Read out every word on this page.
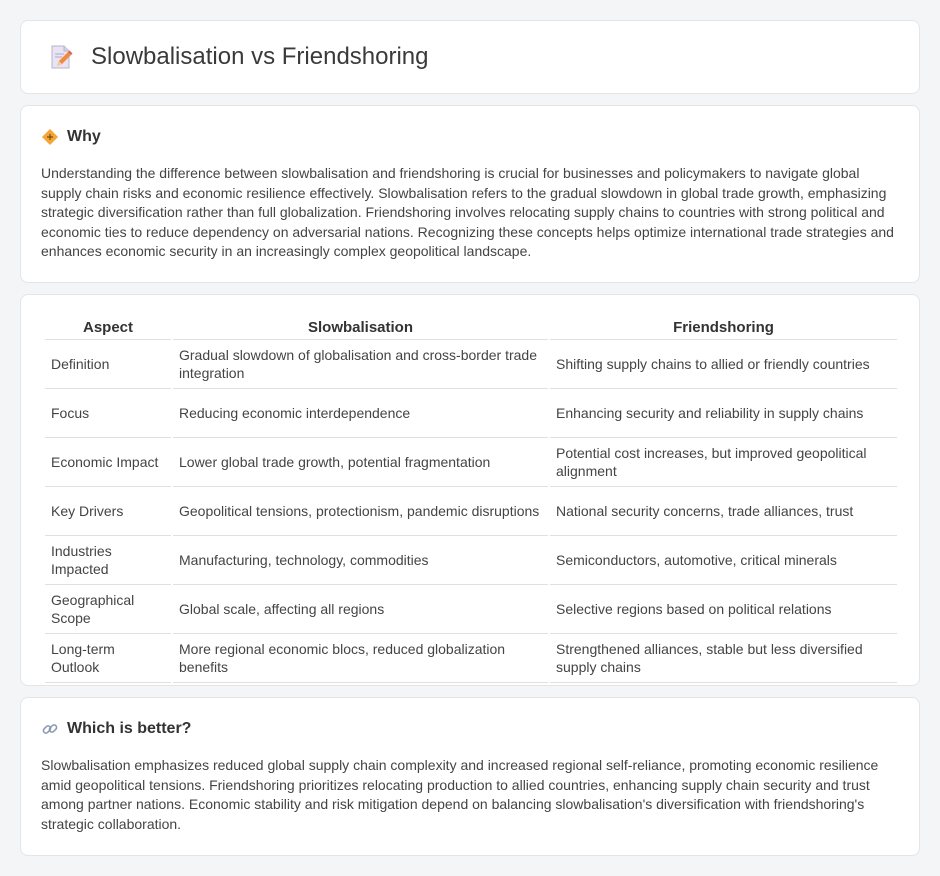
Slowbalisation vs Friendshoring
Why

Understanding the difference between slowbalisation and friendshoring is crucial for businesses and policymakers to navigate global supply chain risks and economic resilience effectively. Slowbalisation refers to the gradual slowdown in global trade growth, emphasizing strategic diversification rather than full globalization. Friendshoring involves relocating supply chains to countries with strong political and economic ties to reduce dependency on adversarial nations. Recognizing these concepts helps optimize international trade strategies and enhances economic security in an increasingly complex geopolitical landscape.

Aspect	Slowbalisation	Friendshoring
Definition	Gradual slowdown of globalisation and cross-border trade integration	Shifting supply chains to allied or friendly countries
Focus	Reducing economic interdependence	Enhancing security and reliability in supply chains
Economic Impact	Lower global trade growth, potential fragmentation	Potential cost increases, but improved geopolitical alignment
Key Drivers	Geopolitical tensions, protectionism, pandemic disruptions	National security concerns, trade alliances, trust
Industries Impacted	Manufacturing, technology, commodities	Semiconductors, automotive, critical minerals
Geographical Scope	Global scale, affecting all regions	Selective regions based on political relations
Long-term Outlook	More regional economic blocs, reduced globalization benefits	Strengthened alliances, stable but less diversified supply chains
Which is better?

Slowbalisation emphasizes reduced global supply chain complexity and increased regional self-reliance, promoting economic resilience amid geopolitical tensions. Friendshoring prioritizes relocating production to allied countries, enhancing supply chain security and trust among partner nations. Economic stability and risk mitigation depend on balancing slowbalisation's diversification with friendshoring's strategic collaboration.
